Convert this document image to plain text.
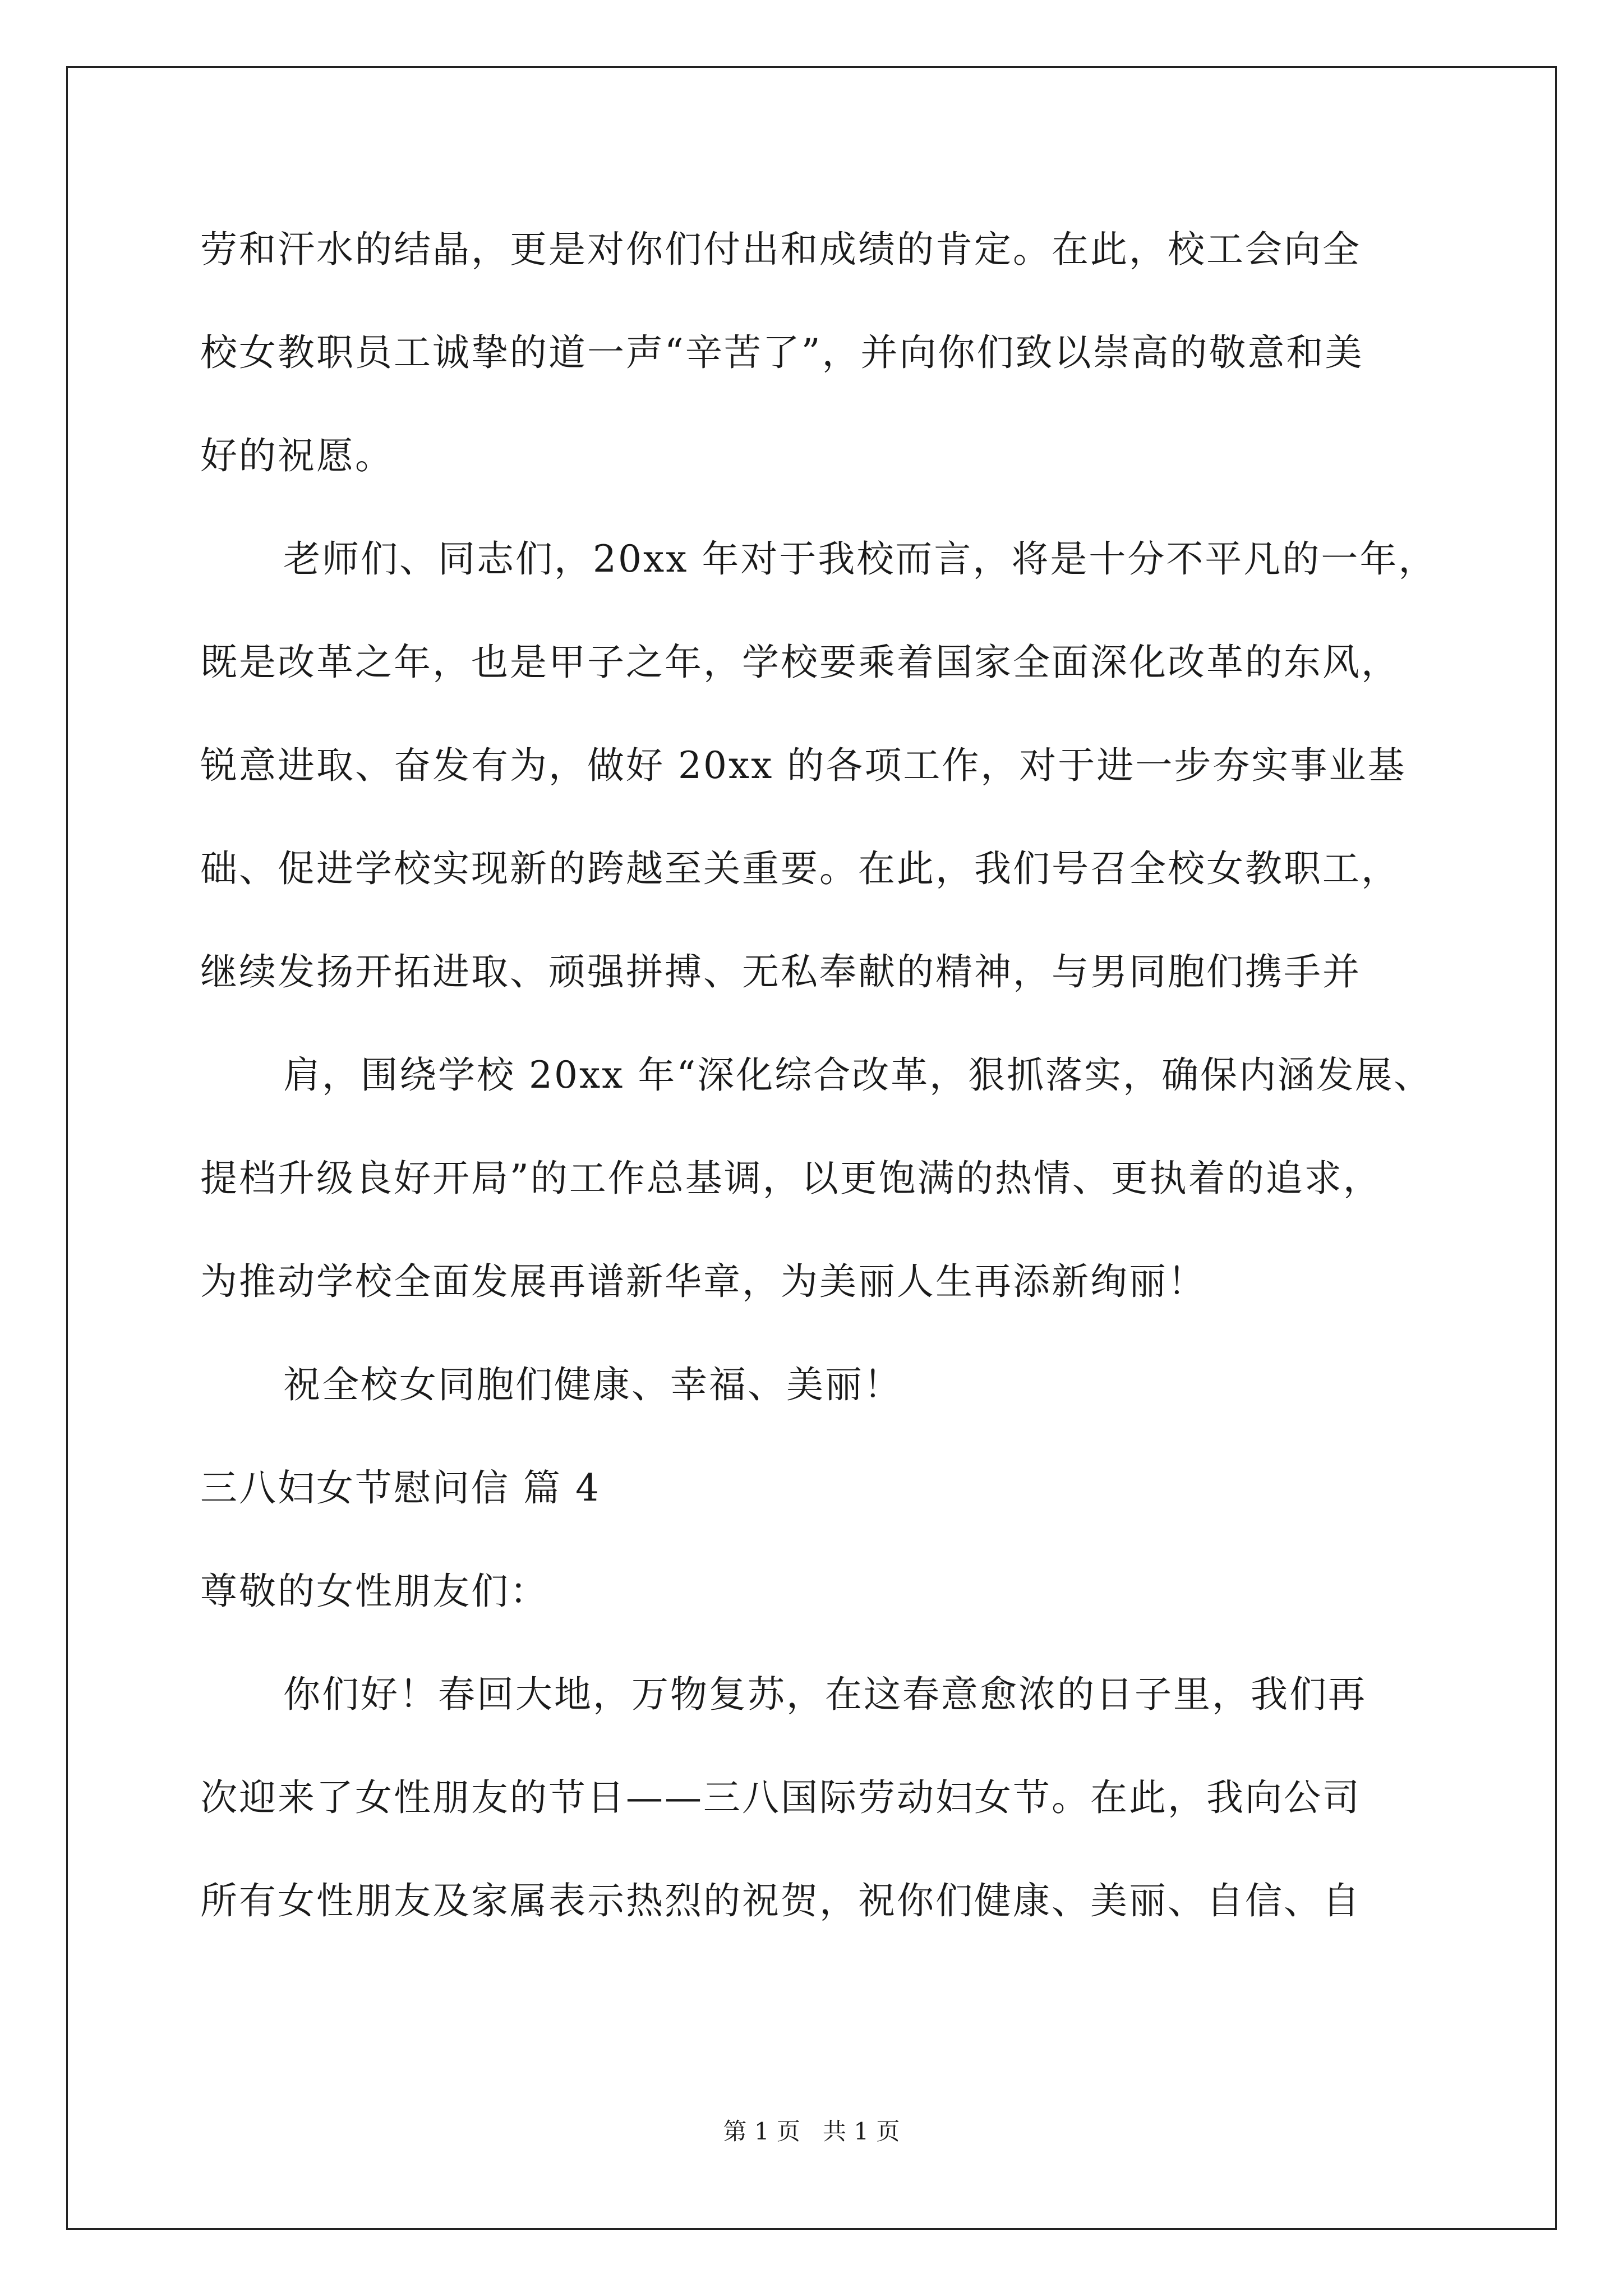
劳和汗水的结晶，更是对你们付出和成绩的肯定。在此，校工会向全
校女教职员工诚挚的道一声“辛苦了”，并向你们致以崇高的敬意和美
好的祝愿。
老师们、同志们，20xx 年对于我校而言，将是十分不平凡的一年，
既是改革之年，也是甲子之年，学校要乘着国家全面深化改革的东风，
锐意进取、奋发有为，做好 20xx 的各项工作，对于进一步夯实事业基
础、促进学校实现新的跨越至关重要。在此，我们号召全校女教职工，
继续发扬开拓进取、顽强拼搏、无私奉献的精神，与男同胞们携手并
肩，围绕学校 20xx 年“深化综合改革，狠抓落实，确保内涵发展、
提档升级良好开局”的工作总基调，以更饱满的热情、更执着的追求，
为推动学校全面发展再谱新华章，为美丽人生再添新绚丽！
祝全校女同胞们健康、幸福、美丽！
三八妇女节慰问信 篇 4
尊敬的女性朋友们：
你们好！春回大地，万物复苏，在这春意愈浓的日子里，我们再
次迎来了女性朋友的节日——三八国际劳动妇女节。在此，我向公司
所有女性朋友及家属表示热烈的祝贺，祝你们健康、美丽、自信、自
第 1 页   共 1 页
